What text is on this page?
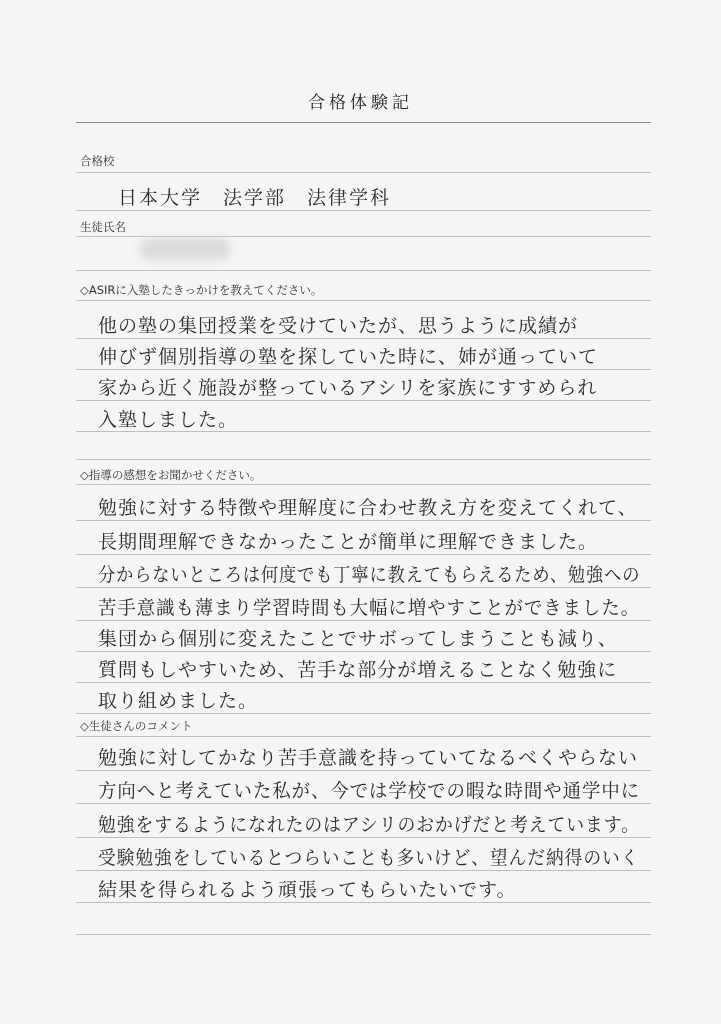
合格体験記
合格校
日本大学　法学部　法律学科
生徒氏名
◇ASIRに入塾したきっかけを教えてください。
他の塾の集団授業を受けていたが、思うように成績が
伸びず個別指導の塾を探していた時に、姉が通っていて
家から近く施設が整っているアシリを家族にすすめられ
入塾しました。
◇指導の感想をお聞かせください。
勉強に対する特徴や理解度に合わせ教え方を変えてくれて、
長期間理解できなかったことが簡単に理解できました。
分からないところは何度でも丁寧に教えてもらえるため、勉強への
苦手意識も薄まり学習時間も大幅に増やすことができました。
集団から個別に変えたことでサボってしまうことも減り、
質問もしやすいため、苦手な部分が増えることなく勉強に
取り組めました。
◇生徒さんのコメント
勉強に対してかなり苦手意識を持っていてなるべくやらない
方向へと考えていた私が、今では学校での暇な時間や通学中に
勉強をするようになれたのはアシリのおかげだと考えています。
受験勉強をしているとつらいことも多いけど、望んだ納得のいく
結果を得られるよう頑張ってもらいたいです。
